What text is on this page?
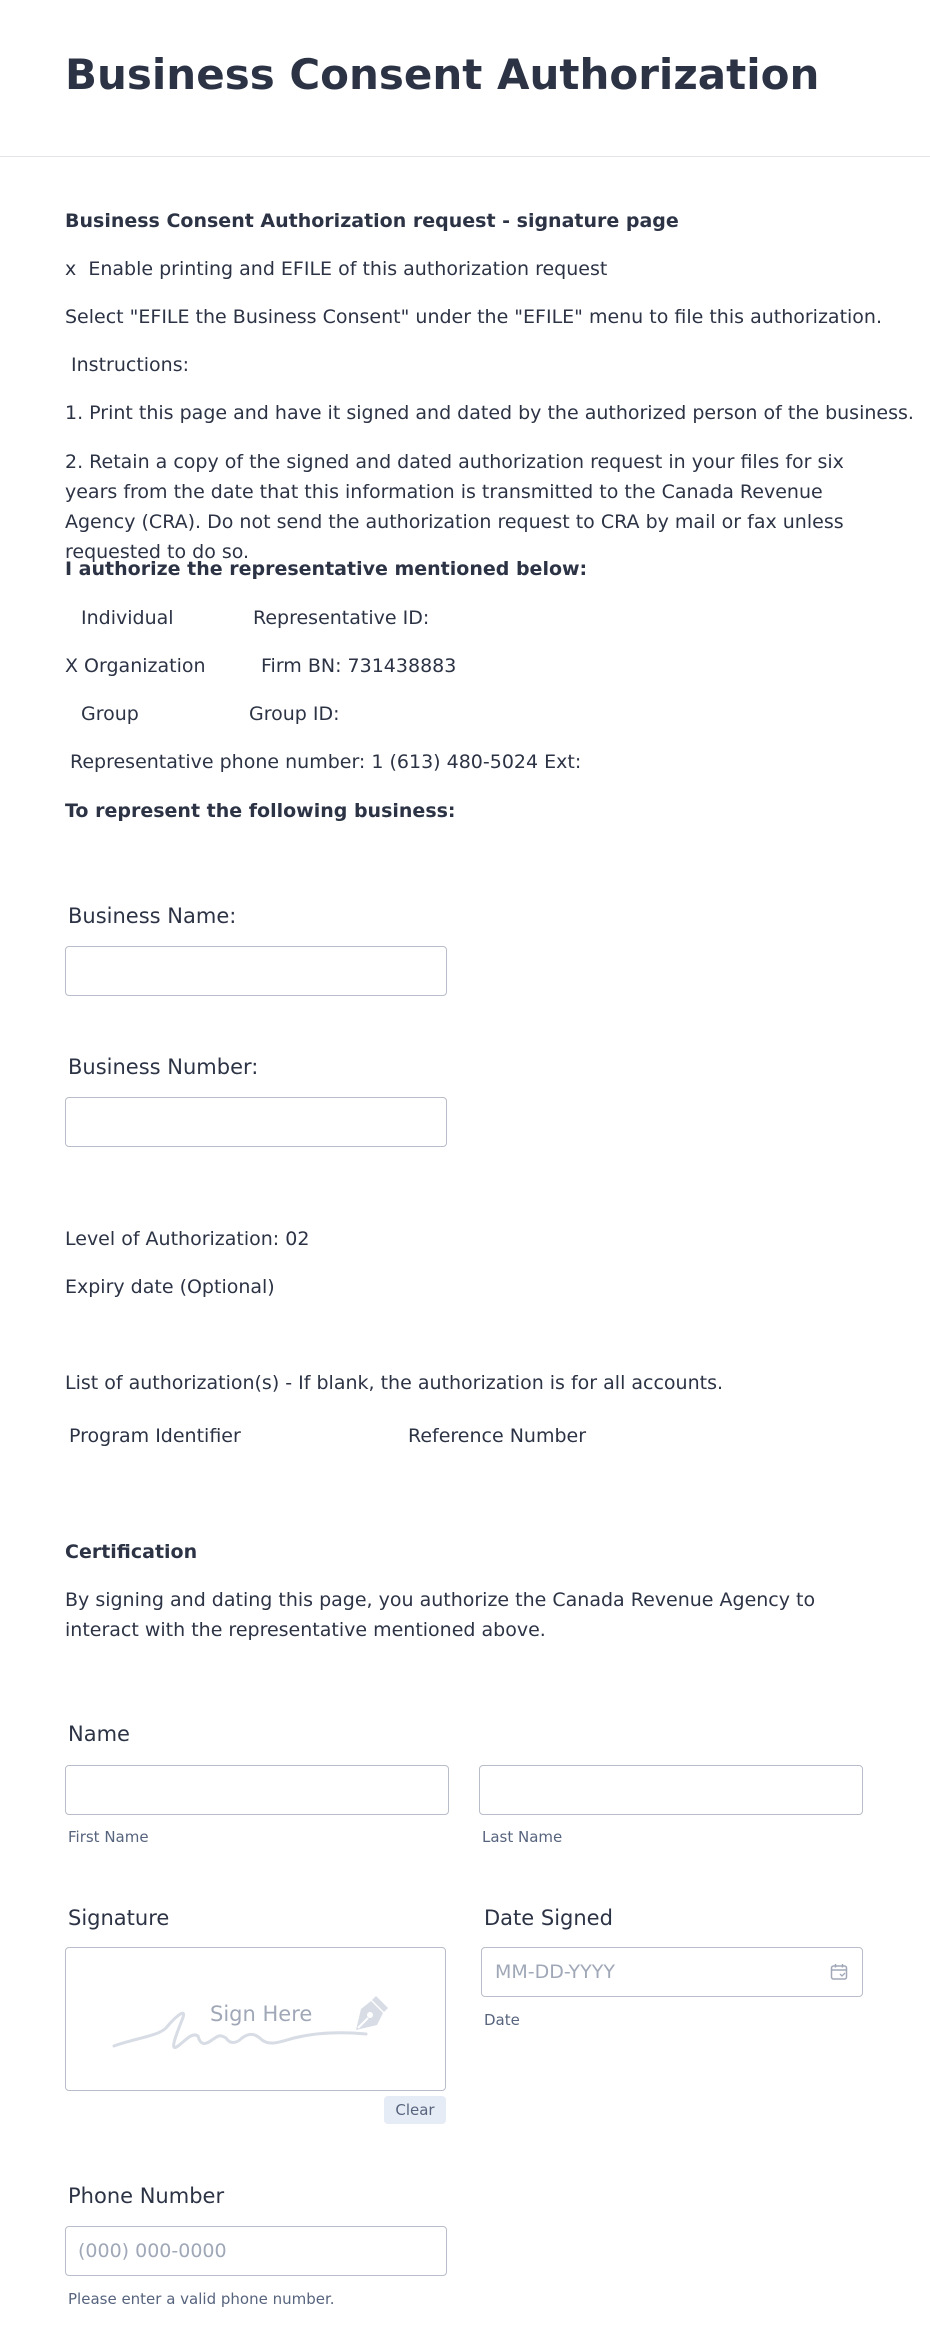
Business Consent Authorization
Business Consent Authorization request - signature page
x  Enable printing and EFILE of this authorization request
Select "EFILE the Business Consent" under the "EFILE" menu to file this authorization.
Instructions:
1. Print this page and have it signed and dated by the authorized person of the business.
2. Retain a copy of the signed and dated authorization request in your files for six years from the date that this information is transmitted to the Canada Revenue Agency (CRA). Do not send the authorization request to CRA by mail or fax unless requested to do so.
I authorize the representative mentioned below:
Individual	Representative ID:
X Organization	Firm BN: 731438883
Group	Group ID:
Representative phone number: 1 (613) 480-5024 Ext:
To represent the following business:
Business Name:
Business Number:
Level of Authorization: 02
Expiry date (Optional)
List of authorization(s) - If blank, the authorization is for all accounts.
Program Identifier	Reference Number
Certification
By signing and dating this page, you authorize the Canada Revenue Agency to interact with the representative mentioned above.
Name
First Name	Last Name
Signature
Sign Here
Clear
Date Signed
MM-DD-YYYY
Date
Phone Number
(000) 000-0000
Please enter a valid phone number.
